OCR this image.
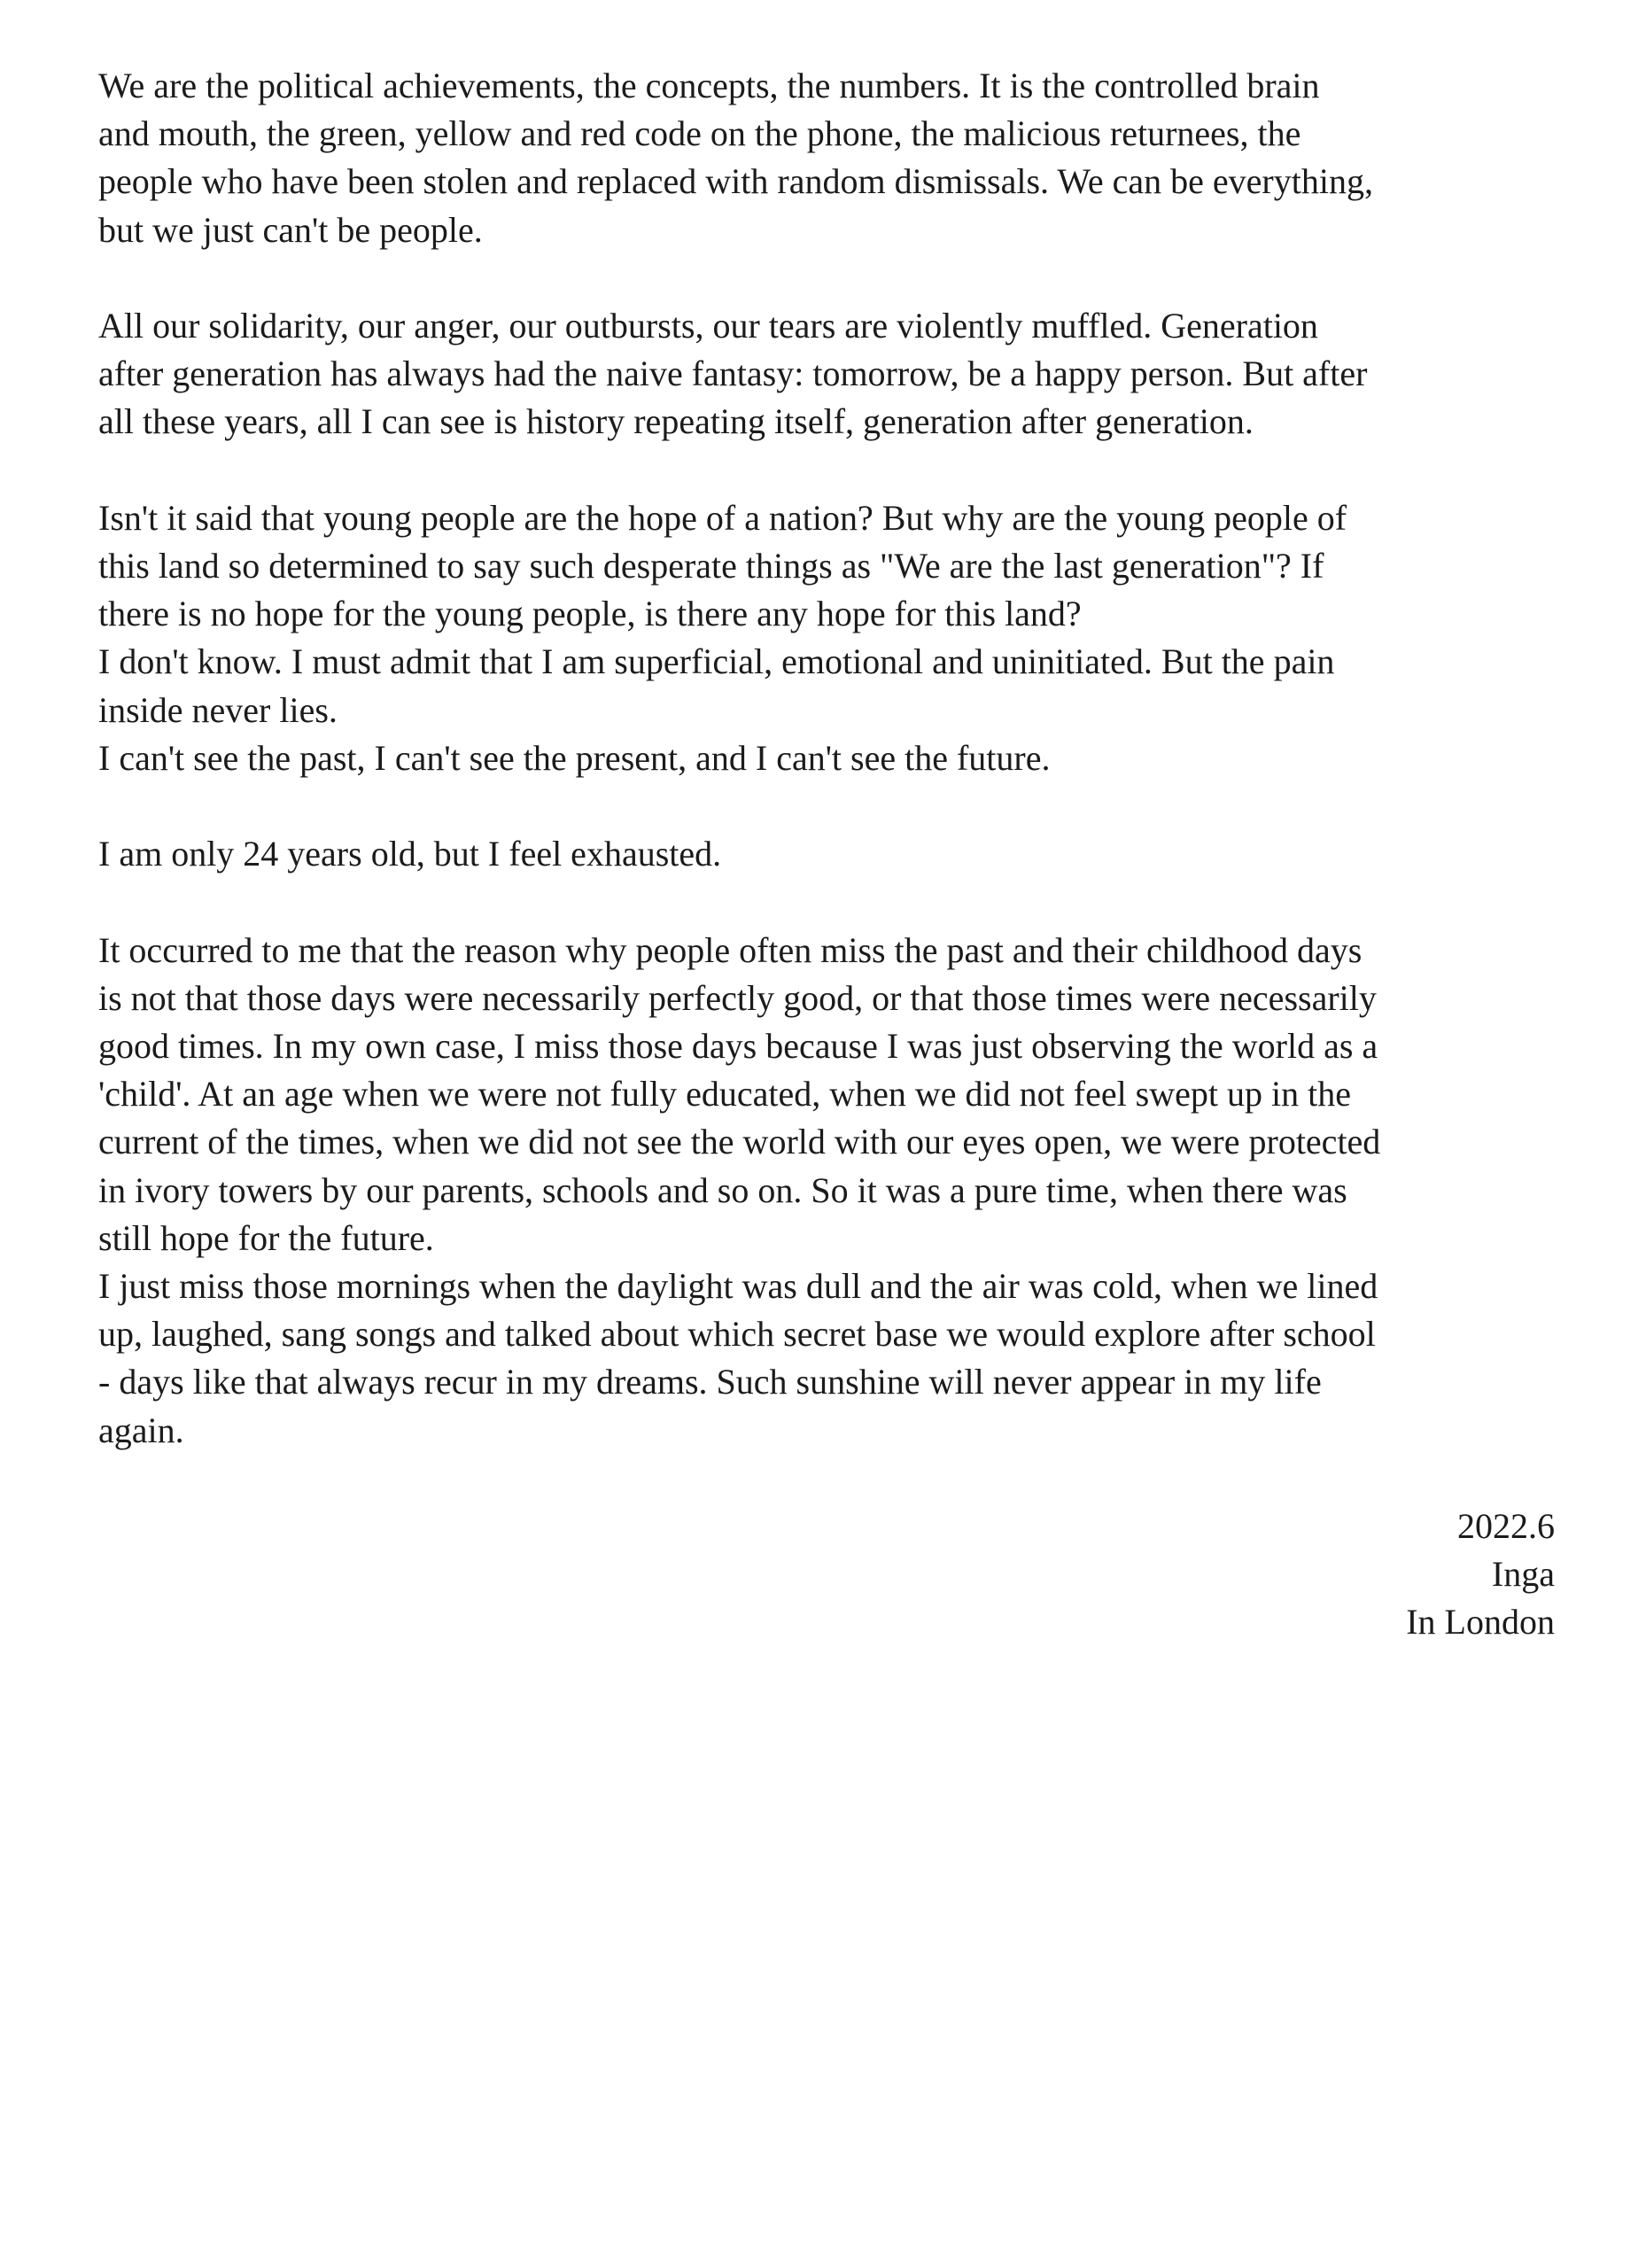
We are the political achievements, the concepts, the numbers. It is the controlled brain
and mouth, the green, yellow and red code on the phone, the malicious returnees, the
people who have been stolen and replaced with random dismissals. We can be everything,
but we just can't be people.

All our solidarity, our anger, our outbursts, our tears are violently muffled. Generation
after generation has always had the naive fantasy: tomorrow, be a happy person. But after
all these years, all I can see is history repeating itself, generation after generation.

Isn't it said that young people are the hope of a nation? But why are the young people of
this land so determined to say such desperate things as "We are the last generation"? If
there is no hope for the young people, is there any hope for this land?
I don't know. I must admit that I am superficial, emotional and uninitiated. But the pain
inside never lies.
I can't see the past, I can't see the present, and I can't see the future.

I am only 24 years old, but I feel exhausted.

It occurred to me that the reason why people often miss the past and their childhood days
is not that those days were necessarily perfectly good, or that those times were necessarily
good times. In my own case, I miss those days because I was just observing the world as a
'child'. At an age when we were not fully educated, when we did not feel swept up in the
current of the times, when we did not see the world with our eyes open, we were protected
in ivory towers by our parents, schools and so on. So it was a pure time, when there was
still hope for the future.
I just miss those mornings when the daylight was dull and the air was cold, when we lined
up, laughed, sang songs and talked about which secret base we would explore after school
- days like that always recur in my dreams. Such sunshine will never appear in my life
again.

2022.6
Inga
In London
